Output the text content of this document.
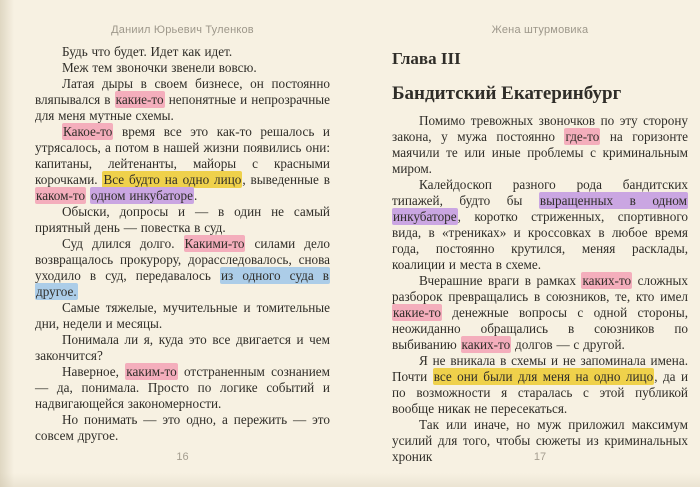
Даниил Юрьевич Туленков

Будь что будет. Идет как идет.

Меж тем звоночки звенели вовсю.

Латая дыры в своем бизнесе, он постоянно вляпывался в какие-то непонятные и непрозрачные для меня мутные схемы.

Какое-то время все это как-то решалось и утрясалось, а потом в нашей жизни появились они: капитаны, лейтенанты, майоры с красными корочками. Все будто на одно лицо, выведенные в каком-то одном инкубаторе.

Обыски, допросы и — в один не самый приятный день — повестка в суд.

Суд длился долго. Какими-то силами дело возвращалось прокурору, дорасследовалось, снова уходило в суд, передавалось из одного суда в другое.

Самые тяжелые, мучительные и томительные дни, недели и месяцы.

Понимала ли я, куда это все двигается и чем закончится?

Наверное, каким-то отстраненным сознанием — да, понимала. Просто по логике событий и надвигающейся закономерности.

Но понимать — это одно, а пережить — это совсем другое.

16
Жена штурмовика
Глава III
Бандитский Екатеринбург

Помимо тревожных звоночков по эту сторону закона, у мужа постоянно где-то на горизонте маячили те или иные проблемы с криминальным миром.

Калейдоскоп разного рода бандитских типажей, будто бы выращенных в одном инкубаторе, коротко стриженных, спортивного вида, в «трениках» и кроссовках в любое время года, постоянно крутился, меняя расклады, коалиции и места в схеме.

Вчерашние враги в рамках каких-то сложных разборок превращались в союзников, те, кто имел какие-то денежные вопросы с одной стороны, неожиданно обращались в союзников по выбиванию каких-то долгов — с другой.

Я не вникала в схемы и не запоминала имена. Почти все они были для меня на одно лицо, да и по возможности я старалась с этой публикой вообще никак не пересекаться.

Так или иначе, но муж приложил максимум усилий для того, чтобы сюжеты из криминальных хроник	17
